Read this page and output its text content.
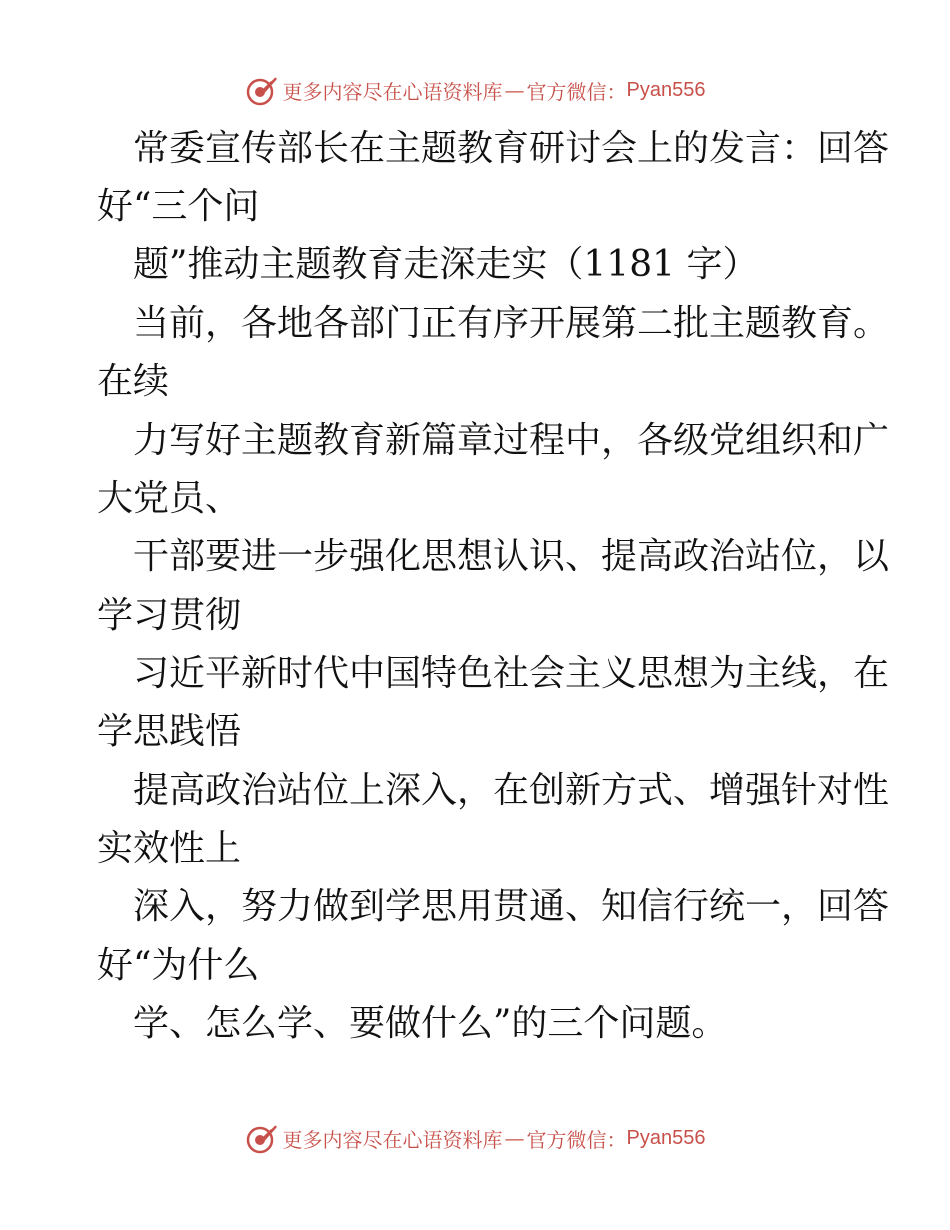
更多内容尽在心语资料库 — 官方微信： Pyan556
常委宣传部长在主题教育研讨会上的发言：回答
好“三个问
题”推动主题教育走深走实（1181 字）
当前，各地各部门正有序开展第二批主题教育。
在续
力写好主题教育新篇章过程中，各级党组织和广
大党员、
干部要进一步强化思想认识、提高政治站位，以
学习贯彻
习近平新时代中国特色社会主义思想为主线，在
学思践悟
提高政治站位上深入，在创新方式、增强针对性
实效性上
深入，努力做到学思用贯通、知信行统一，回答
好“为什么
学、怎么学、要做什么”的三个问题。
更多内容尽在心语资料库 — 官方微信： Pyan556
